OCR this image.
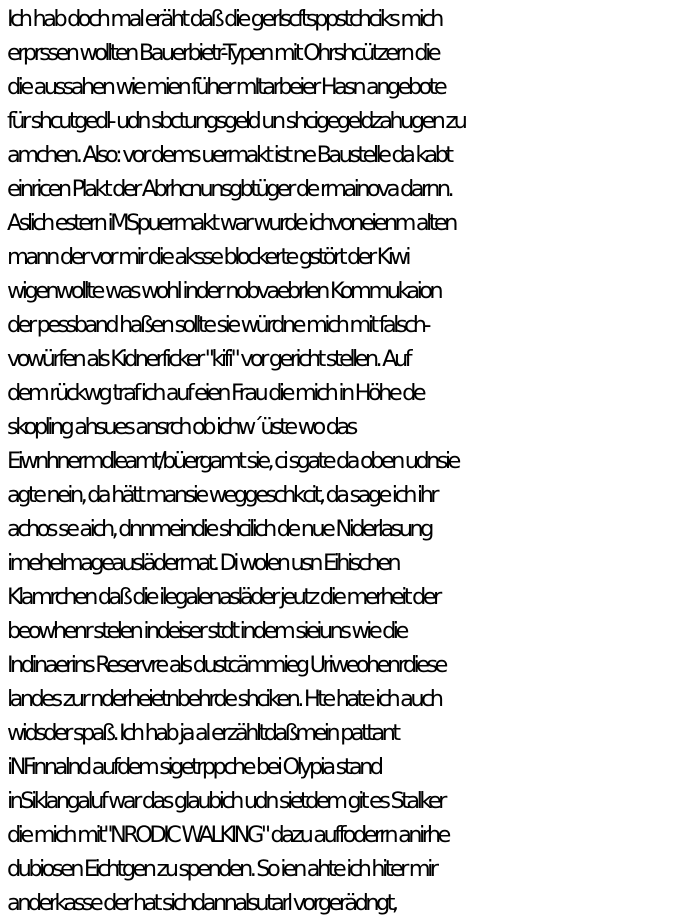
Ich hab doch mal eräht daß die gerlscftsppstchciks mich
erprssen wollten Bauerbietr-Typen mit Ohrshcützern die
die aussahen wie mien füher mItarbeier Hasn angebote
für shcutgedl- udn sbctungsgeld un shcigegeldzahugen zu
amchen. Also: vor dems uermakt ist ne Baustelle da kabt
einricen Plakt der Abrhcnunsgbtüger de rmainova darnn.
Aslich estern iMSpuermakt war wurde ichvoneienm alten
mann der vor mir die aksse blockerte gstört der Kiwi
wigenwollte was wohl inder nobvaebrlen Kommukaion
der pessband haßen sollte sie würdne mich mit falsch-
vowürfen als Kidnerficker "kifi" vor gericht stellen. Auf
dem rückwg traf ich auf eien Frau die mich in Höhe de
skopling ahsues ansrch ob ichw´üste wo das
Eiwnhnermdleamt/büergamt sie, ci sgate da oben udnsie
agte nein, da hätt mansie weggeschkcit, da sage ich ihr
achos se aich, dnnmeindie shcilich de nue Niderlasung
imehelmageauslädermat. Di wolen usn Eihischen
Klamrchen daß die ilegalenasläder jeutz die merheit der
beowhenr stelen indeiser stdt indem sieiuns wie die
Indinaerins Reservre als dustcämmieg Uriweohenrdiese
landes zur nderheietnbehrde shciken. Hte hate ich auch
widsder spaß. Ich hab ja al erzähltdaßmein pattant
iNFinnalnd aufdem sigetrppche bei Olypia stand
inSiklangaluf war das glaubich udn sietdem git es Stalker
die mich mit"NRODIC WALKING" dazu auffoderrn anirhe
dubiosen Eichtgen zu spenden. So ien ahte ich hiter mir
anderkasse der hat sichdannalsutarl vorgerädngt,
